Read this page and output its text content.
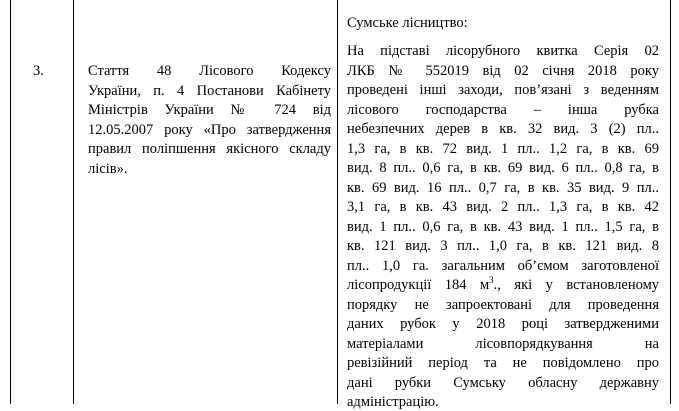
3.	Стаття 48 Лісового Кодексу
України, п. 4 Постанови Кабінету
Міністрів України № 724 від
12.05.2007 року «Про затвердження
правил поліпшення якісного складу
лісів».
Сумське лісництво:
На підставі лісорубного квитка Серія 02
ЛКБ № 552019 від 02 січня 2018 року
проведені інші заходи, пов’язані з веденням
лісового господарства – інша рубка
небезпечних дерев в кв. 32 вид. 3 (2) пл..
1,3 га, в кв. 72 вид. 1 пл.. 1,2 га, в кв. 69
вид. 8 пл.. 0,6 га, в кв. 69 вид. 6 пл.. 0,8 га, в
кв. 69 вид. 16 пл.. 0,7 га, в кв. 35 вид. 9 пл..
3,1 га, в кв. 43 вид. 2 пл.. 1,3 га, в кв. 42
вид. 1 пл.. 0,6 га, в кв. 43 вид. 1 пл.. 1,5 га, в
кв. 121 вид. 3 пл.. 1,0 га, в кв. 121 вид. 8
пл.. 1,0 га. загальним об’ємом заготовленої
лісопродукції 184 $м^3$., які у встановленому
порядку не запроектовані для проведення
даних рубок у 2018 році затвердженими
матеріалами лісовпорядкування на
ревізійний період та не повідомлено про
дані рубки Сумську обласну державну
адміністрацію.
